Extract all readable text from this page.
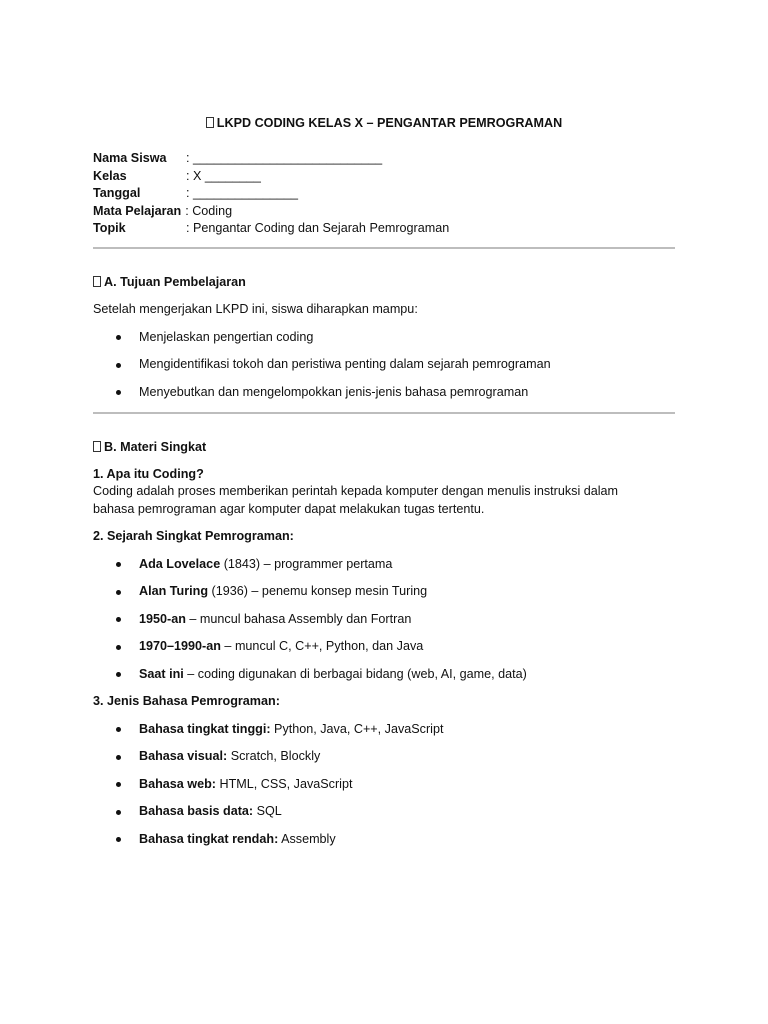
LKPD CODING KELAS X – PENGANTAR PEMROGRAMAN
Nama Siswa	: ___________________________
Kelas	: X ________
Tanggal	: _______________
Mata Pelajaran : Coding
Topik	: Pengantar Coding dan Sejarah Pemrograman
A. Tujuan Pembelajaran
Setelah mengerjakan LKPD ini, siswa diharapkan mampu:
Menjelaskan pengertian coding
Mengidentifikasi tokoh dan peristiwa penting dalam sejarah pemrograman
Menyebutkan dan mengelompokkan jenis-jenis bahasa pemrograman
B. Materi Singkat
1. Apa itu Coding?
Coding adalah proses memberikan perintah kepada komputer dengan menulis instruksi dalam
bahasa pemrograman agar komputer dapat melakukan tugas tertentu.
2. Sejarah Singkat Pemrograman:
Ada Lovelace (1843) – programmer pertama
Alan Turing (1936) – penemu konsep mesin Turing
1950-an – muncul bahasa Assembly dan Fortran
1970–1990-an – muncul C, C++, Python, dan Java
Saat ini – coding digunakan di berbagai bidang (web, AI, game, data)
3. Jenis Bahasa Pemrograman:
Bahasa tingkat tinggi: Python, Java, C++, JavaScript
Bahasa visual: Scratch, Blockly
Bahasa web: HTML, CSS, JavaScript
Bahasa basis data: SQL
Bahasa tingkat rendah: Assembly
